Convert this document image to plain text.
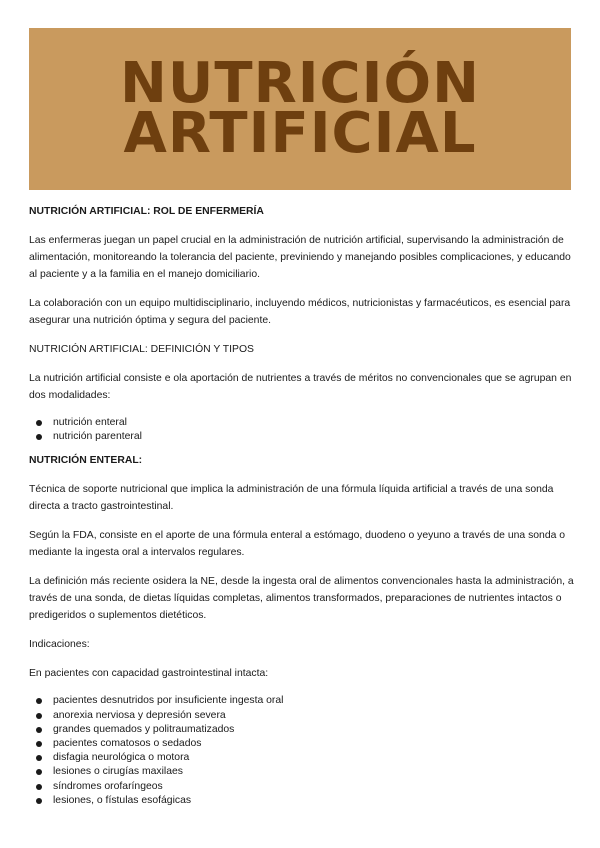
NUTRICIÓN
ARTIFICIAL

NUTRICIÓN ARTIFICIAL: ROL DE ENFERMERÍA

Las enfermeras juegan un papel crucial en la administración de nutrición artificial, supervisando la administración de alimentación, monitoreando la tolerancia del paciente, previniendo y manejando posibles complicaciones, y educando al paciente y a la familia en el manejo domiciliario.

La colaboración con un equipo multidisciplinario, incluyendo médicos, nutricionistas y farmacéuticos, es esencial para asegurar una nutrición óptima y segura del paciente.

NUTRICIÓN ARTIFICIAL: DEFINICIÓN Y TIPOS

La nutrición artificial consiste e ola aportación de nutrientes a través de méritos no convencionales que se agrupan en dos modalidades:

nutrición enteral
nutrición parenteral

NUTRICIÓN ENTERAL:

Técnica de soporte nutricional que implica la administración de una fórmula líquida artificial a través de una sonda directa a tracto gastrointestinal.

Según la FDA, consiste en el aporte de una fórmula enteral a estómago, duodeno o yeyuno a través de una sonda o mediante la ingesta oral a intervalos regulares.

La definición más reciente osidera la NE, desde la ingesta oral de alimentos convencionales hasta la administración, a través de una sonda, de dietas líquidas completas, alimentos transformados, preparaciones de nutrientes intactos o predigeridos o suplementos dietéticos.

Indicaciones:

En pacientes con capacidad gastrointestinal intacta:

pacientes desnutridos por insuficiente ingesta oral
anorexia nerviosa y depresión severa
grandes quemados y politraumatizados
pacientes comatosos o sedados
disfagia neurológica o motora
lesiones o cirugías maxilaes
síndromes orofaríngeos
lesiones, o fístulas esofágicas
